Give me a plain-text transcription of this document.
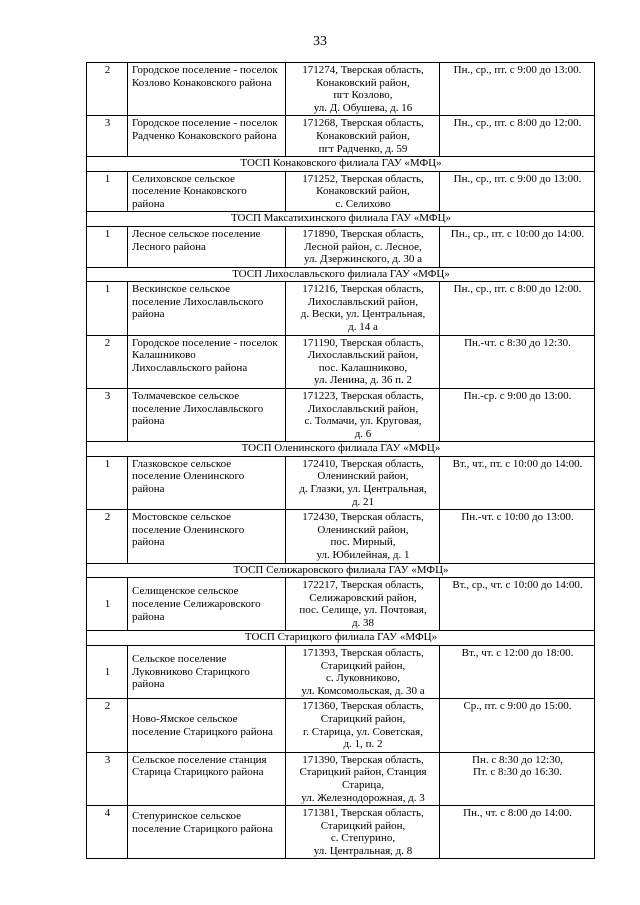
33
2	Городское поселение - поселок
Козлово Конаковского района	171274, Тверская область,
Конаковский район,
пгт Козлово,
ул. Д. Обушева, д. 16	Пн., ср., пт. с 9:00 до 13:00.

3	Городское поселение - поселок
Радченко Конаковского района	171268, Тверская область,
Конаковский район,
пгт Радченко, д. 59	Пн., ср., пт. с 8:00 до 12:00.

ТОСП Конаковского филиала ГАУ «МФЦ»			
1	Селиховское сельское
поселение Конаковского
района	171252, Тверская область,
Конаковский район,
с. Селихово	Пн., ср., пт. с 9:00 до 13:00.

ТОСП Максатихинского филиала ГАУ «МФЦ»			
1	Лесное сельское поселение
Лесного района	171890, Тверская область,
Лесной район, с. Лесное,
ул. Дзержинского, д. 30 а	Пн., ср., пт. с 10:00 до 14:00.

ТОСП Лихославльского филиала ГАУ «МФЦ»			
1	Вескинское сельское
поселение Лихославльского
района	171216, Тверская область,
Лихославльский район,
д. Вески, ул. Центральная,
д. 14 а	Пн., ср., пт. с 8:00 до 12:00.

2	Городское поселение - поселок
Калашниково
Лихославльского района	171190, Тверская область,
Лихославльский район,
пос. Калашниково,
ул. Ленина, д. 36 п. 2	Пн.-чт. с 8:30 до 12:30.

3	Толмачевское сельское
поселение Лихославльского
района	171223, Тверская область,
Лихославльский район,
с. Толмачи, ул. Круговая,
д. 6	Пн.-ср. с 9:00 до 13:00.

ТОСП Оленинского филиала ГАУ «МФЦ»			
1	Глазковское сельское
поселение Оленинского
района	172410, Тверская область,
Оленинский район,
д. Глазки, ул. Центральная,
д. 21	Вт., чт., пт. с 10:00 до 14:00.

2	Мостовское сельское
поселение Оленинского
района	172430, Тверская область,
Оленинский район,
пос. Мирный,
ул. Юбилейная, д. 1	Пн.-чт. с 10:00 до 13:00.

ТОСП Селижаровского филиала ГАУ «МФЦ»			
1	Селищенское сельское
поселение Селижаровского
района	172217, Тверская область,
Селижаровский район,
пос. Селище, ул. Почтовая,
д. 38	Вт., ср., чт. с 10:00 до 14:00.

ТОСП Старицкого филиала ГАУ «МФЦ»			
1	Сельское поселение
Луковниково Старицкого
района	171393, Тверская область,
Старицкий район,
с. Луковниково,
ул. Комсомольская, д. 30 а	Вт., чт. с 12:00 до 18:00.

2	Ново-Ямское сельское
поселение Старицкого района	171360, Тверская область,
Старицкий район,
г. Старица, ул. Советская,
д. 1, п. 2	Ср., пт. с 9:00 до 15:00.

3	Сельское поселение станция
Старица Старицкого района	171390, Тверская область,
Старицкий район, Станция
Старица,
ул. Железнодорожная, д. 3	Пн. с 8:30 до 12:30,
Пт. с 8:30 до 16:30.

4	Степуринское сельское
поселение Старицкого района	171381, Тверская область,
Старицкий район,
с. Степурино,
ул. Центральная, д. 8	Пн., чт. с 8:00 до 14:00.
